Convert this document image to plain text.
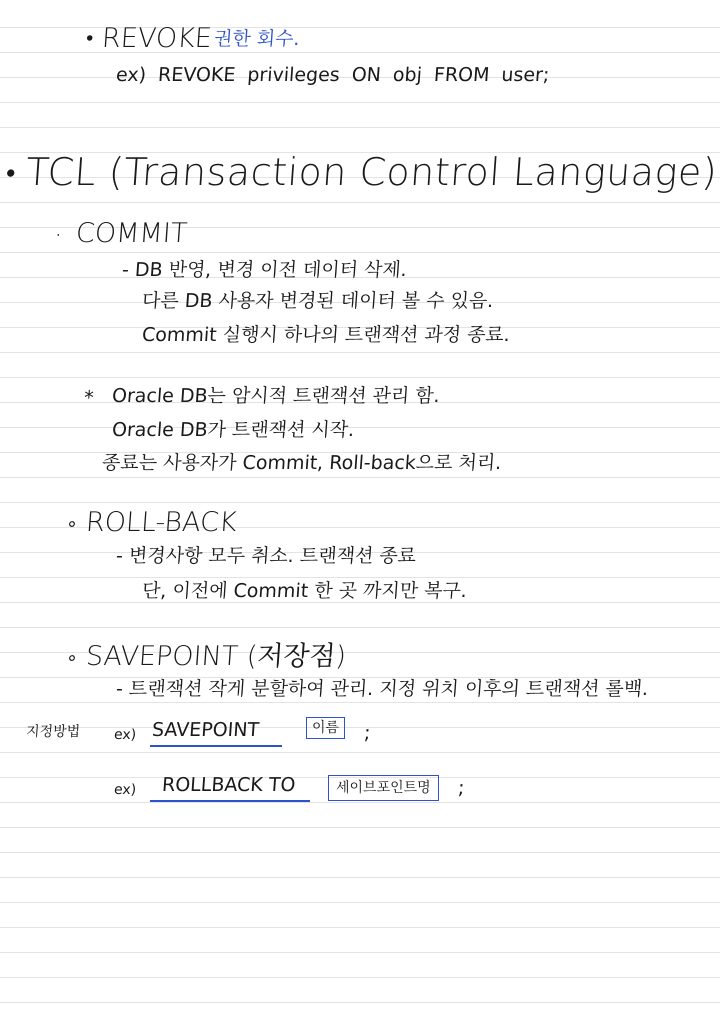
• REVOKE 권한 회수.
ex) REVOKE privileges ON obj FROM user;
• TCL (Transaction Control Language)
· COMMIT
- DB 반영, 변경 이전 데이터 삭제.
다른 DB 사용자 변경된 데이터 볼 수 있음.
Commit 실행시 하나의 트랜잭션 과정 종료.
* Oracle DB는 암시적 트랜잭션 관리 함.
Oracle DB가 트랜잭션 시작.
종료는 사용자가 Commit, Roll-back으로 처리.
∘ ROLL-BACK
- 변경사항 모두 취소. 트랜잭션 종료
단, 이전에 Commit 한 곳 까지만 복구.
∘ SAVEPOINT (저장점)
- 트랜잭션 작게 분할하여 관리. 지정 위치 이후의 트랜잭션 롤백.
지정방법 ex) SAVEPOINT	이름	;
ex) ROLLBACK TO	세이브포인트명	;
